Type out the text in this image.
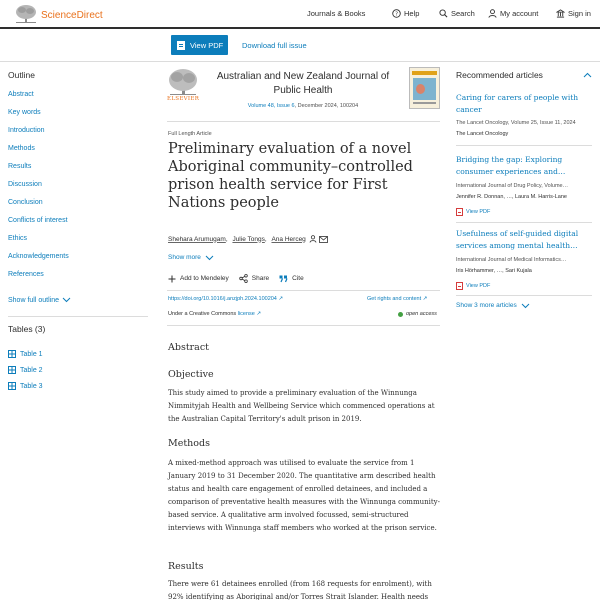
ScienceDirect	Journals & Books	? Help	Search	My account	Sign in
View PDF	Download full issue
Outline
Abstract
Key words
Introduction
Methods
Results
Discussion
Conclusion
Conflicts of interest
Ethics
Acknowledgements
References
Show full outline
Tables (3)
Table 1
Table 2
Table 3
ELSEVIER
Australian and New Zealand Journal of Public Health
Volume 48, Issue 6, December 2024, 100204
Full Length Article
Preliminary evaluation of a novel Aboriginal community–controlled prison health service for First Nations people
Shehara Arumugam , Julie Tongs , Ana Herceg
Show more
Add to Mendeley	Share	Cite
https://doi.org/10.1016/j.anzjph.2024.100204 ↗	Get rights and content ↗
Under a Creative Commons license ↗	open access
Abstract
Objective

This study aimed to provide a preliminary evaluation of the Winnunga Nimmityjah Health and Wellbeing Service which commenced operations at the Australian Capital Territory's adult prison in 2019.

Methods

A mixed-method approach was utilised to evaluate the service from 1 January 2019 to 31 December 2020. The quantitative arm described health status and health care engagement of enrolled detainees, and included a comparison of preventative health measures with the Winnunga community-based service. A qualitative arm involved focussed, semi-structured interviews with Winnunga staff members who worked at the prison service.

Results

There were 61 detainees enrolled (from 168 requests for enrolment), with 92% identifying as Aboriginal and/or Torres Strait Islander. Health needs

Recommended articles
Caring for carers of people with cancer
The Lancet Oncology, Volume 25, Issue 11, 2024
The Lancet Oncology
Bridging the gap: Exploring consumer experiences and…
International Journal of Drug Policy, Volume…
Jennifer R. Donnan, …, Laura M. Harris-Lane
View PDF
Usefulness of self-guided digital services among mental health…
International Journal of Medical Informatics…
Iris Hörhammer, …, Sari Kujala
View PDF
Show 3 more articles
